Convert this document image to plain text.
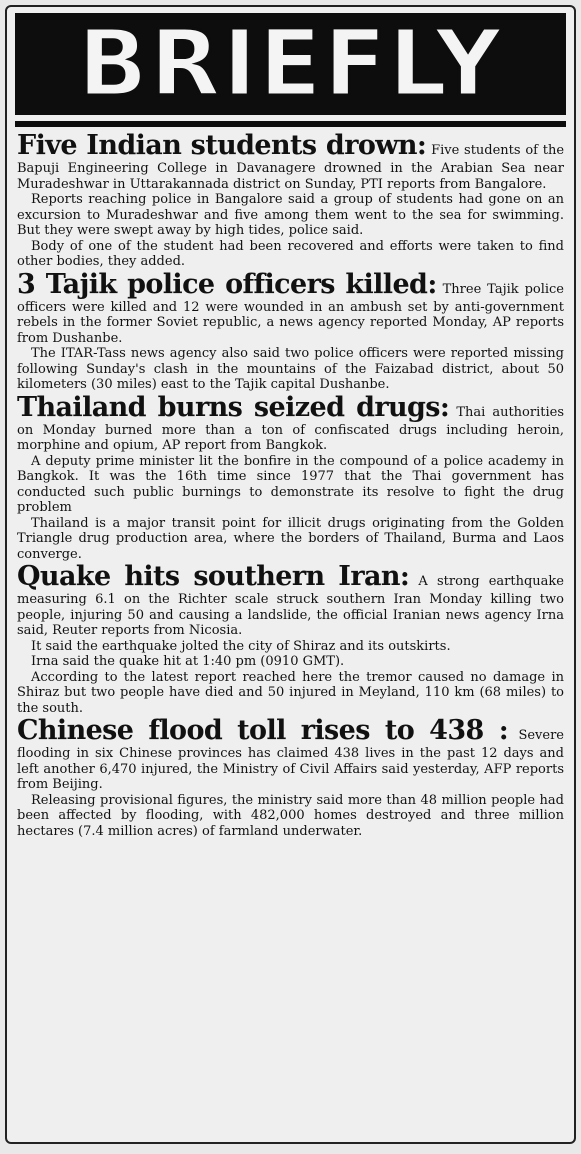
BRIEFLY

Five Indian students drown: Five students of the Bapuji Engineering College in Davanagere drowned in the Arabian Sea near Muradeshwar in Uttarakannada district on Sunday, PTI reports from Bangalore.

Reports reaching police in Bangalore said a group of students had gone on an excursion to Muradeshwar and five among them went to the sea for swimming. But they were swept away by high tides, police said.

Body of one of the student had been recovered and efforts were taken to find other bodies, they added.

3 Tajik police officers killed: Three Tajik police officers were killed and 12 were wounded in an ambush set by anti-government rebels in the former Soviet republic, a news agency reported Monday, AP reports from Dushanbe.

The ITAR-Tass news agency also said two police officers were reported missing following Sunday's clash in the mountains of the Faizabad district, about 50 kilometers (30 miles) east to the Tajik capital Dushanbe.

Thailand burns seized drugs: Thai authorities on Monday burned more than a ton of confiscated drugs including heroin, morphine and opium, AP report from Bangkok.

A deputy prime minister lit the bonfire in the compound of a police academy in Bangkok. It was the 16th time since 1977 that the Thai government has conducted such public burnings to demonstrate its resolve to fight the drug problem

Thailand is a major transit point for illicit drugs originating from the Golden Triangle drug production area, where the borders of Thailand, Burma and Laos converge.

Quake hits southern Iran: A strong earthquake measuring 6.1 on the Richter scale struck southern Iran Monday killing two people, injuring 50 and causing a landslide, the official Iranian news agency Irna said, Reuter reports from Nicosia.

It said the earthquake jolted the city of Shiraz and its outskirts.

Irna said the quake hit at 1:40 pm (0910 GMT).

According to the latest report reached here the tremor caused no damage in Shiraz but two people have died and 50 injured in Meyland, 110 km (68 miles) to the south.

Chinese flood toll rises to 438 : Severe flooding in six Chinese provinces has claimed 438 lives in the past 12 days and left another 6,470 injured, the Ministry of Civil Affairs said yesterday, AFP reports from Beijing.

Releasing provisional figures, the ministry said more than 48 million people had been affected by flooding, with 482,000 homes destroyed and three million hectares (7.4 million acres) of farmland underwater.
